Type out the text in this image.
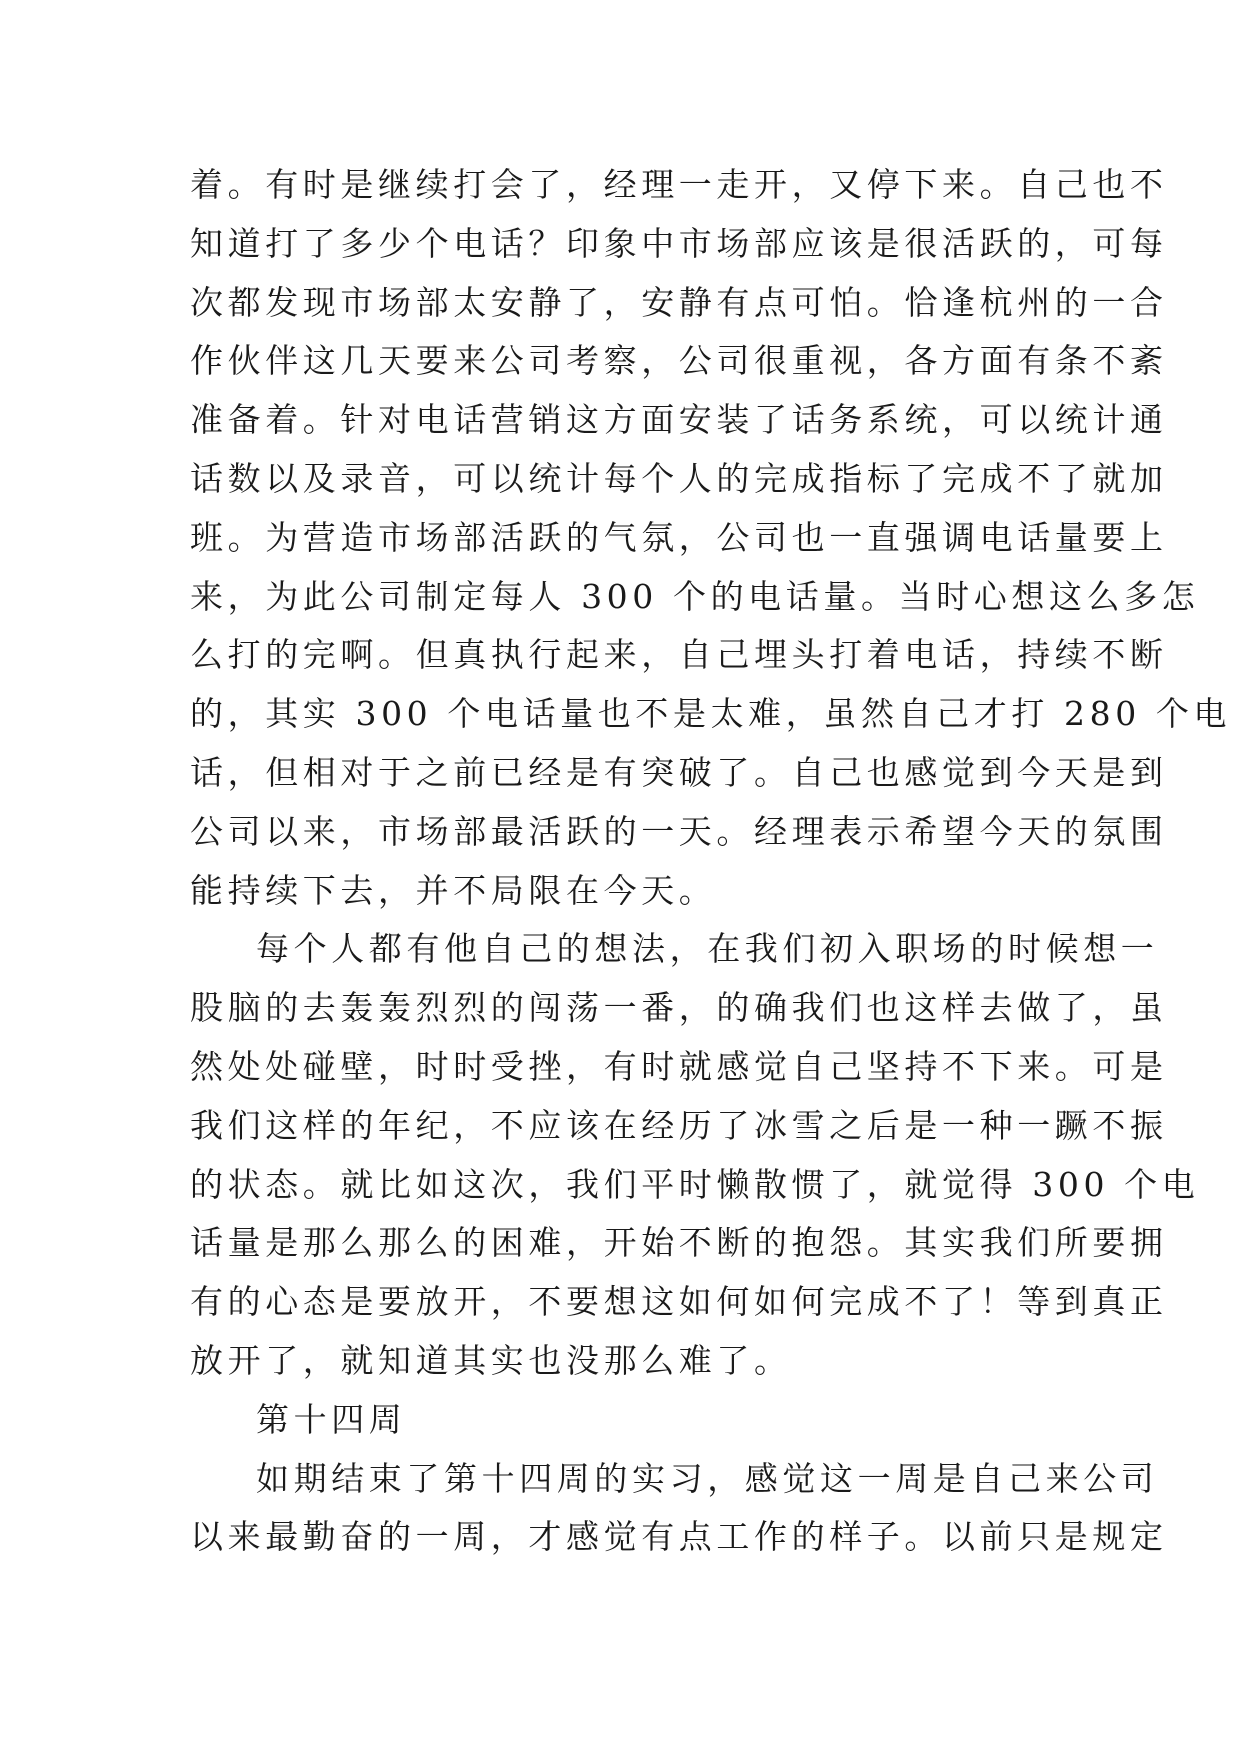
着。有时是继续打会了，经理一走开，又停下来。自己也不
知道打了多少个电话？印象中市场部应该是很活跃的，可每
次都发现市场部太安静了，安静有点可怕。恰逢杭州的一合
作伙伴这几天要来公司考察，公司很重视，各方面有条不紊
准备着。针对电话营销这方面安装了话务系统，可以统计通
话数以及录音，可以统计每个人的完成指标了完成不了就加
班。为营造市场部活跃的气氛，公司也一直强调电话量要上
来，为此公司制定每人 300 个的电话量。当时心想这么多怎
么打的完啊。但真执行起来，自己埋头打着电话，持续不断
的，其实 300 个电话量也不是太难，虽然自己才打 280 个电
话，但相对于之前已经是有突破了。自己也感觉到今天是到
公司以来，市场部最活跃的一天。经理表示希望今天的氛围
能持续下去，并不局限在今天。
每个人都有他自己的想法，在我们初入职场的时候想一
股脑的去轰轰烈烈的闯荡一番，的确我们也这样去做了，虽
然处处碰壁，时时受挫，有时就感觉自己坚持不下来。可是
我们这样的年纪，不应该在经历了冰雪之后是一种一蹶不振
的状态。就比如这次，我们平时懒散惯了，就觉得 300 个电
话量是那么那么的困难，开始不断的抱怨。其实我们所要拥
有的心态是要放开，不要想这如何如何完成不了！等到真正
放开了，就知道其实也没那么难了。
第十四周
如期结束了第十四周的实习，感觉这一周是自己来公司
以来最勤奋的一周，才感觉有点工作的样子。以前只是规定
